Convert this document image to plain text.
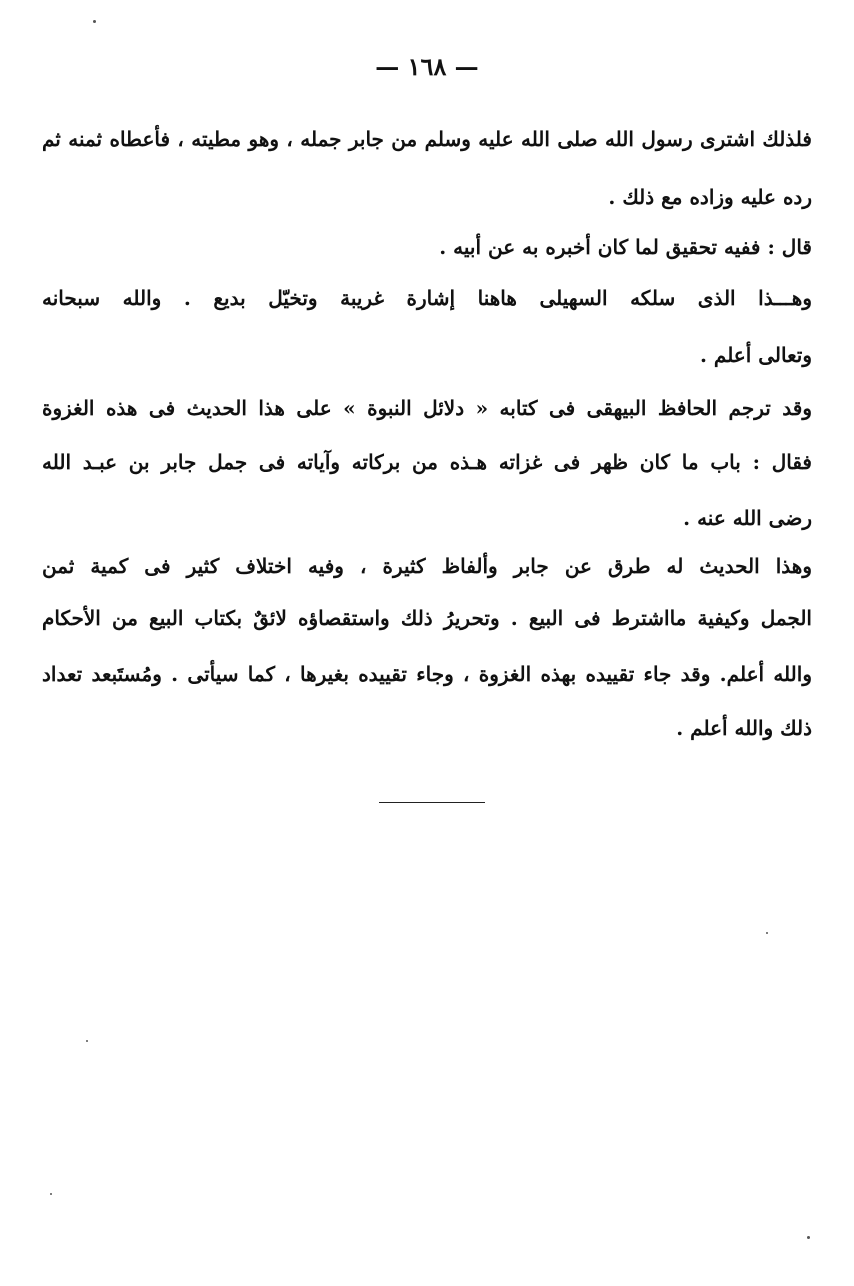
— ١٦٨ —
فلذلك اشترى رسول الله صلى الله عليه وسلم من جابر جمله ، وهو مطيته ، فأعطاه ثمنه ثم
رده عليه وزاده مع ذلك .
قال : ففيه تحقيق لما كان أخبره به عن أبيه .
وهـــذا الذى سلكه السهيلى هاهنا إشارة غريبة وتخيّل بديع . والله سبحانه
وتعالى أعلم .
وقد ترجم الحافظ البيهقى فى كتابه « دلائل النبوة » على هذا الحديث فى هذه الغزوة
فقال : باب ما كان ظهر فى غزاته هـذه من بركاته وآياته فى جمل جابر بن عبـد الله
رضى الله عنه .
وهذا الحديث له طرق عن جابر وألفاظ كثيرة ، وفيه اختلاف كثير فى كمية ثمن
الجمل وكيفية مااشترط فى البيع . وتحريرُ ذلك واستقصاؤه لائقٌ بكتاب البيع من الأحكام
والله أعلم. وقد جاء تقييده بهذه الغزوة ، وجاء تقييده بغيرها ، كما سيأتى . ومُستَبعد تعداد
ذلك والله أعلم .
